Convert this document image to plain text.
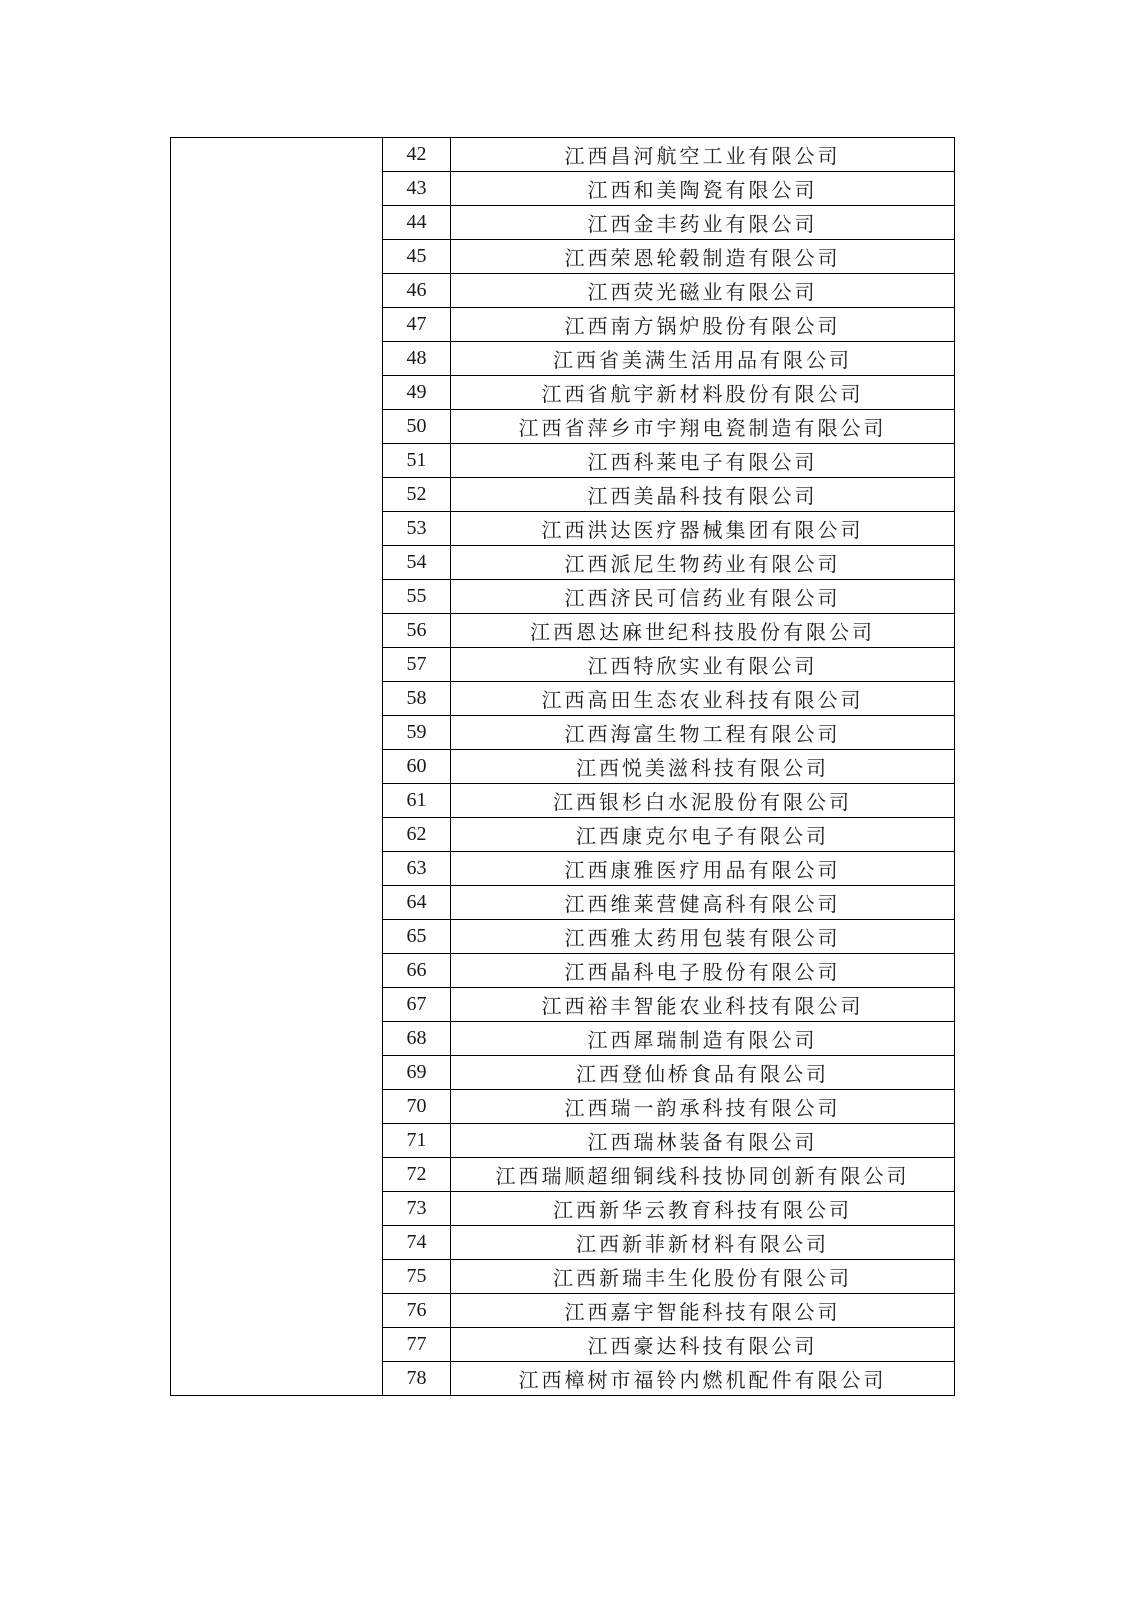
	42	江西昌河航空工业有限公司
	43	江西和美陶瓷有限公司
	44	江西金丰药业有限公司
	45	江西荣恩轮毂制造有限公司
	46	江西荧光磁业有限公司
	47	江西南方锅炉股份有限公司
	48	江西省美满生活用品有限公司
	49	江西省航宇新材料股份有限公司
	50	江西省萍乡市宇翔电瓷制造有限公司
	51	江西科莱电子有限公司
	52	江西美晶科技有限公司
	53	江西洪达医疗器械集团有限公司
	54	江西派尼生物药业有限公司
	55	江西济民可信药业有限公司
	56	江西恩达麻世纪科技股份有限公司
	57	江西特欣实业有限公司
	58	江西高田生态农业科技有限公司
	59	江西海富生物工程有限公司
	60	江西悦美滋科技有限公司
	61	江西银杉白水泥股份有限公司
	62	江西康克尔电子有限公司
	63	江西康雅医疗用品有限公司
	64	江西维莱营健高科有限公司
	65	江西雅太药用包装有限公司
	66	江西晶科电子股份有限公司
	67	江西裕丰智能农业科技有限公司
	68	江西犀瑞制造有限公司
	69	江西登仙桥食品有限公司
	70	江西瑞一韵承科技有限公司
	71	江西瑞林装备有限公司
	72	江西瑞顺超细铜线科技协同创新有限公司
	73	江西新华云教育科技有限公司
	74	江西新菲新材料有限公司
	75	江西新瑞丰生化股份有限公司
	76	江西嘉宇智能科技有限公司
	77	江西豪达科技有限公司
	78	江西樟树市福铃内燃机配件有限公司
